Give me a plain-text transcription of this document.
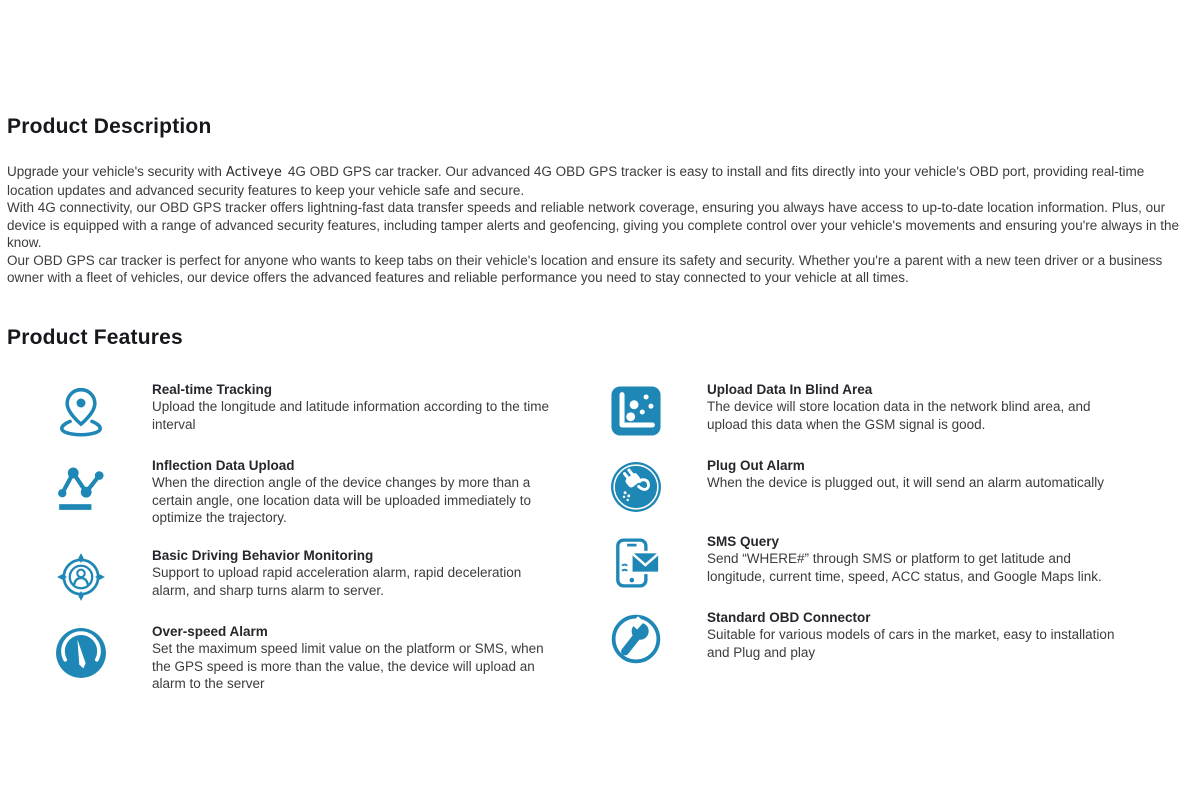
Product Description

Upgrade your vehicle's security with Activeye 4G OBD GPS car tracker. Our advanced 4G OBD GPS tracker is easy to install and fits directly into your vehicle's OBD port, providing real-time location updates and advanced security features to keep your vehicle safe and secure.

With 4G connectivity, our OBD GPS tracker offers lightning-fast data transfer speeds and reliable network coverage, ensuring you always have access to up-to-date location information. Plus, our device is equipped with a range of advanced security features, including tamper alerts and geofencing, giving you complete control over your vehicle's movements and ensuring you're always in the know.

Our OBD GPS car tracker is perfect for anyone who wants to keep tabs on their vehicle's location and ensure its safety and security. Whether you're a parent with a new teen driver or a business owner with a fleet of vehicles, our device offers the advanced features and reliable performance you need to stay connected to your vehicle at all times.

Product Features
Real-time Tracking
Upload the longitude and latitude information according to the time interval
Inflection Data Upload
When the direction angle of the device changes by more than a certain angle, one location data will be uploaded immediately to optimize the trajectory.
Basic Driving Behavior Monitoring
Support to upload rapid acceleration alarm, rapid deceleration alarm, and sharp turns alarm to server.
Over-speed Alarm
Set the maximum speed limit value on the platform or SMS, when the GPS speed is more than the value, the device will upload an alarm to the server
Upload Data In Blind Area
The device will store location data in the network blind area, and upload this data when the GSM signal is good.
Plug Out Alarm
When the device is plugged out, it will send an alarm automatically
SMS Query
Send “WHERE#” through SMS or platform to get latitude and longitude, current time, speed, ACC status, and Google Maps link.
Standard OBD Connector
Suitable for various models of cars in the market, easy to installation and Plug and play
